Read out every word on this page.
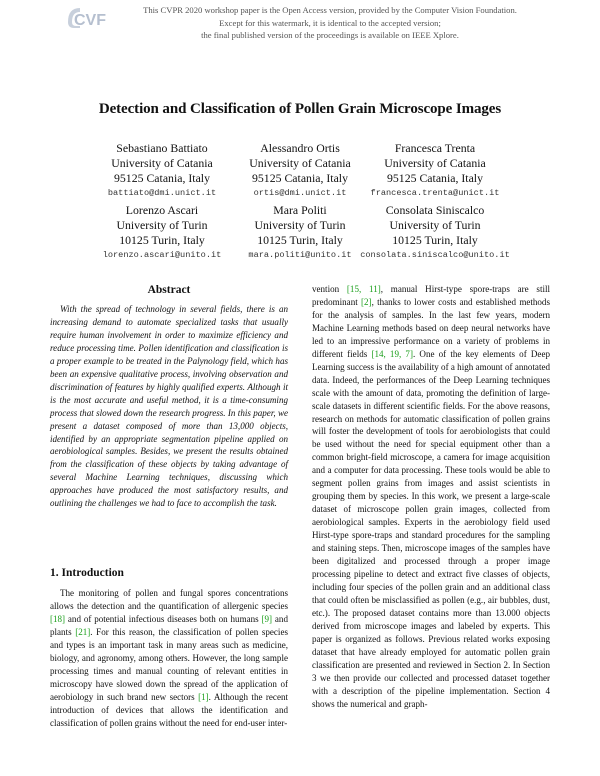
CVF
This CVPR 2020 workshop paper is the Open Access version, provided by the Computer Vision Foundation.
Except for this watermark, it is identical to the accepted version;
the final published version of the proceedings is available on IEEE Xplore.
Detection and Classification of Pollen Grain Microscope Images
Sebastiano Battiato
University of Catania
95125 Catania, Italy
battiato@dmi.unict.it
Alessandro Ortis
University of Catania
95125 Catania, Italy
ortis@dmi.unict.it
Francesca Trenta
University of Catania
95125 Catania, Italy
francesca.trenta@unict.it
Lorenzo Ascari
University of Turin
10125 Turin, Italy
lorenzo.ascari@unito.it
Mara Politi
University of Turin
10125 Turin, Italy
mara.politi@unito.it
Consolata Siniscalco
University of Turin
10125 Turin, Italy
consolata.siniscalco@unito.it
Abstract

With the spread of technology in several fields, there is an increasing demand to automate specialized tasks that usually require human involvement in order to maximize efficiency and reduce processing time. Pollen identification and classification is a proper example to be treated in the Palynology field, which has been an expensive qualitative process, involving observation and discrimination of features by highly qualified experts. Although it is the most accurate and useful method, it is a time-consuming process that slowed down the research progress. In this paper, we present a dataset composed of more than 13,000 objects, identified by an appropriate segmentation pipeline applied on aerobiological samples. Besides, we present the results obtained from the classification of these objects by taking advantage of several Machine Learning techniques, discussing which approaches have produced the most satisfactory results, and outlining the challenges we had to face to accomplish the task.

1. Introduction

The monitoring of pollen and fungal spores concentrations allows the detection and the quantification of allergenic species [18] and of potential infectious diseases both on humans [9] and plants [21]. For this reason, the classification of pollen species and types is an important task in many areas such as medicine, biology, and agronomy, among others. However, the long sample processing times and manual counting of relevant entities in microscopy have slowed down the spread of the application of aerobiology in such brand new sectors [1]. Although the recent introduction of devices that allows the identification and classification of pollen grains without the need for end-user inter-

vention [15, 11], manual Hirst-type spore-traps are still predominant [2], thanks to lower costs and established methods for the analysis of samples. In the last few years, modern Machine Learning methods based on deep neural networks have led to an impressive performance on a variety of problems in different fields [14, 19, 7]. One of the key elements of Deep Learning success is the availability of a high amount of annotated data. Indeed, the performances of the Deep Learning techniques scale with the amount of data, promoting the definition of large-scale datasets in different scientific fields. For the above reasons, research on methods for automatic classification of pollen grains will foster the development of tools for aerobiologists that could be used without the need for special equipment other than a common bright-field microscope, a camera for image acquisition and a computer for data processing. These tools would be able to segment pollen grains from images and assist scientists in grouping them by species. In this work, we present a large-scale dataset of microscope pollen grain images, collected from aerobiological samples. Experts in the aerobiology field used Hirst-type spore-traps and standard procedures for the sampling and staining steps. Then, microscope images of the samples have been digitalized and processed through a proper image processing pipeline to detect and extract five classes of objects, including four species of the pollen grain and an additional class that could often be misclassified as pollen (e.g., air bubbles, dust, etc.). The proposed dataset contains more than 13.000 objects derived from microscope images and labeled by experts. This paper is organized as follows. Previous related works exposing dataset that have already employed for automatic pollen grain classification are presented and reviewed in Section 2. In Section 3 we then provide our collected and processed dataset together with a description of the pipeline implementation. Section 4 shows the numerical and graph-
